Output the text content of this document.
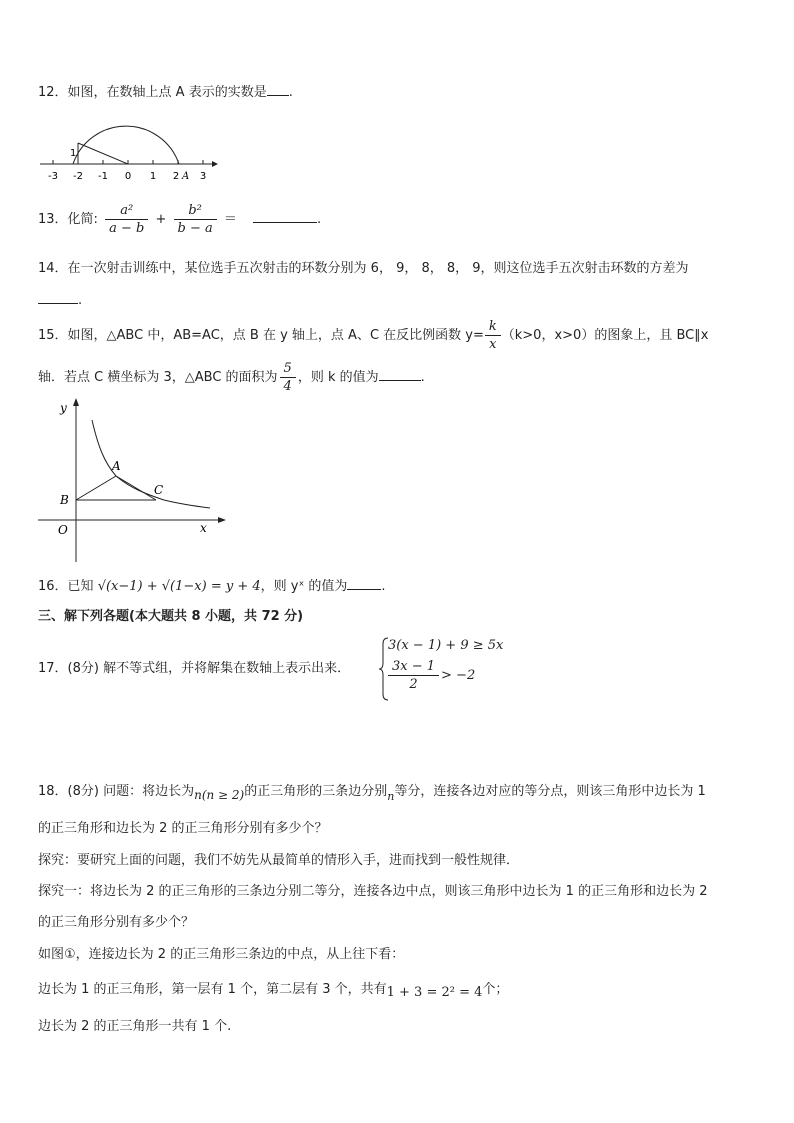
12．如图，在数轴上点 A 表示的实数是 .
1
A
-3 -2 -1 0 1 2 3
13．化简: $\frac{\text{a²}}{a - b} + \frac{\text{b²}}{b - a}$ ＝	.
14．在一次射击训练中，某位选手五次射击的环数分别为 6， 9， 8， 8， 9，则这位选手五次射击环数的方差为
.
15．如图，△ABC 中，AB=AC，点 B 在 y 轴上，点 A、C 在反比例函数 $y= \frac{k}{x} (k>0$，x>0）的图象上，且 BC∥x
轴．若点 C 横坐标为 3，△ABC 的面积为 $\frac{5}{4}$ ，则 k 的值为	.
y
x
O
A
B
C
16．已知 √(x−1) + √(1−x) = y + 4，则 yˣ 的值为	.
三、解下列各题(本大题共 8 小题，共 72 分)
17．(8分) 解不等式组，并将解集在数轴上表示出来．
3(x − 1) + 9 ≥ 5x
$\frac{3x - 1}{2} > -2$
18．(8分) 问题：将边长为n(n ≥ 2)的正三角形的三条边分别$_n$等分，连接各边对应的等分点，则该三角形中边长为 1
的正三角形和边长为 2 的正三角形分别有多少个？
探究：要研究上面的问题，我们不妨先从最简单的情形入手，进而找到一般性规律．
探究一：将边长为 2 的正三角形的三条边分别二等分，连接各边中点，则该三角形中边长为 1 的正三角形和边长为 2
的正三角形分别有多少个？
如图①，连接边长为 2 的正三角形三条边的中点，从上往下看：
边长为 1 的正三角形，第一层有 1 个，第二层有 3 个，共有1 + 3 = 2² = 4个；
边长为 2 的正三角形一共有 1 个.
